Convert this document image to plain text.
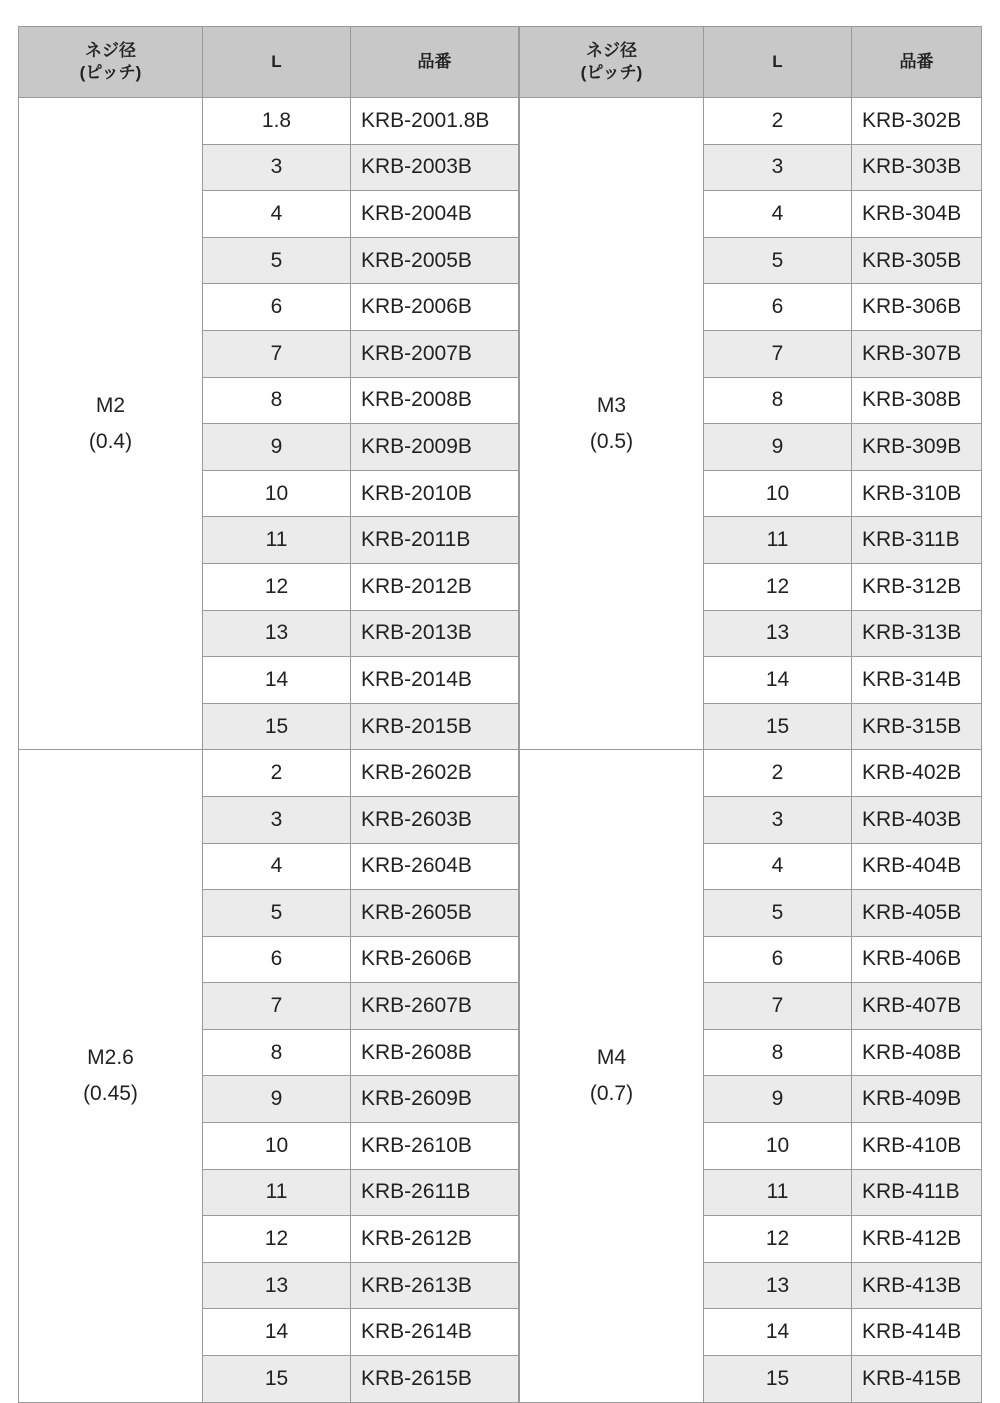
ネジ径
(ピッチ)	L	品番

M2
(0.4)	1.8	KRB-2001.8B
	3	KRB-2003B
	4	KRB-2004B
	5	KRB-2005B
	6	KRB-2006B
	7	KRB-2007B
	8	KRB-2008B
	9	KRB-2009B
	10	KRB-2010B
	11	KRB-2011B
	12	KRB-2012B
	13	KRB-2013B
	14	KRB-2014B
	15	KRB-2015B

M2.6
(0.45)	2	KRB-2602B
	3	KRB-2603B
	4	KRB-2604B
	5	KRB-2605B
	6	KRB-2606B
	7	KRB-2607B
	8	KRB-2608B
	9	KRB-2609B
	10	KRB-2610B
	11	KRB-2611B
	12	KRB-2612B
	13	KRB-2613B
	14	KRB-2614B
	15	KRB-2615B
ネジ径
(ピッチ)	L	品番

M3
(0.5)	2	KRB-302B
	3	KRB-303B
	4	KRB-304B
	5	KRB-305B
	6	KRB-306B
	7	KRB-307B
	8	KRB-308B
	9	KRB-309B
	10	KRB-310B
	11	KRB-311B
	12	KRB-312B
	13	KRB-313B
	14	KRB-314B
	15	KRB-315B

M4
(0.7)	2	KRB-402B
	3	KRB-403B
	4	KRB-404B
	5	KRB-405B
	6	KRB-406B
	7	KRB-407B
	8	KRB-408B
	9	KRB-409B
	10	KRB-410B
	11	KRB-411B
	12	KRB-412B
	13	KRB-413B
	14	KRB-414B
	15	KRB-415B
